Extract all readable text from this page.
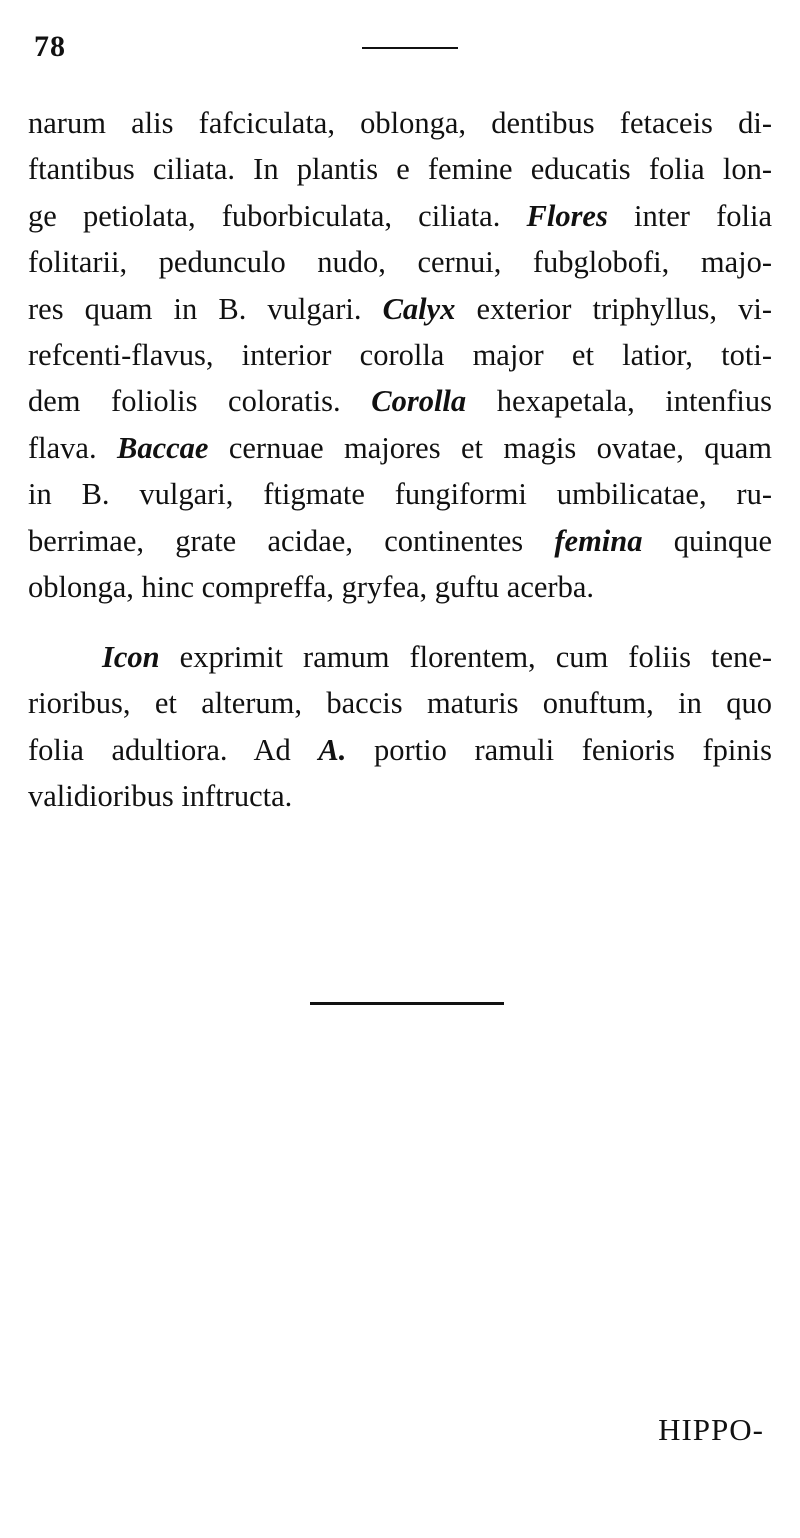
78
narum alis fafciculata, oblonga, dentibus fetaceis di-
ftantibus ciliata. In plantis e femine educatis folia lon-
ge petiolata, fuborbiculata, ciliata. Flores inter folia
folitarii, pedunculo nudo, cernui, fubglobofi, majo-
res quam in B. vulgari. Calyx exterior triphyllus, vi-
refcenti-flavus, interior corolla major et latior, toti-
dem foliolis coloratis. Corolla hexapetala, intenfius
flava. Baccae cernuae majores et magis ovatae, quam
in B. vulgari, ftigmate fungiformi umbilicatae, ru-
berrimae, grate acidae, continentes femina quinque
oblonga, hinc compreffa, gryfea, guftu acerba.
Icon exprimit ramum florentem, cum foliis tene-
rioribus, et alterum, baccis maturis onuftum, in quo
folia adultiora. Ad A. portio ramuli fenioris fpinis
validioribus inftructa.
HIPPO-
